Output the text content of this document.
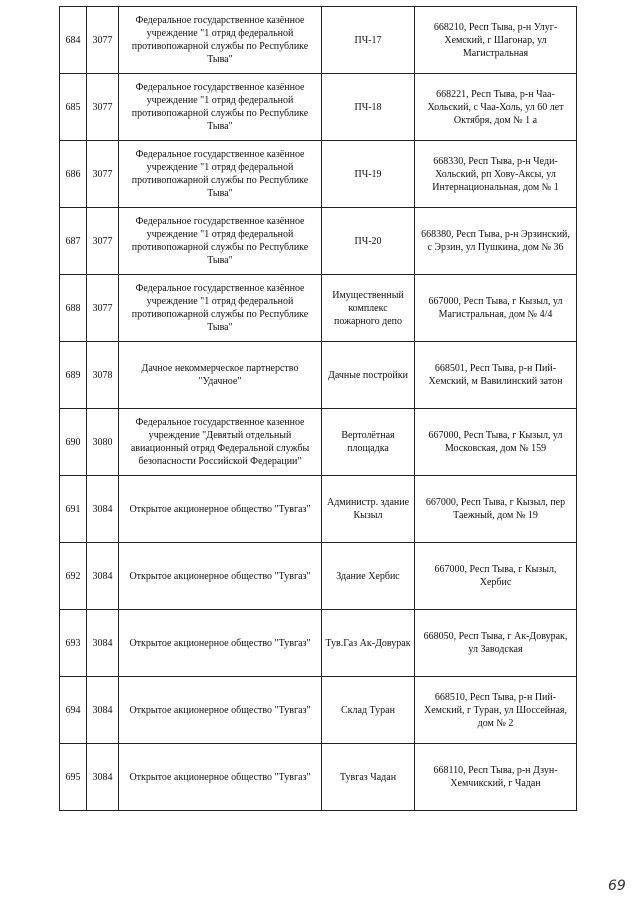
684	3077	Федеральное государственное казённое учреждение "1 отряд федеральной противопожарной службы по Республике Тыва"	ПЧ-17	668210, Респ Тыва, р-н Улуг-Хемский, г Шагонар, ул Магистральная
685	3077	Федеральное государственное казённое учреждение "1 отряд федеральной противопожарной службы по Республике Тыва"	ПЧ-18	668221, Респ Тыва, р-н Чаа-Хольский, с Чаа-Холь, ул 60 лет Октября, дом № 1 а
686	3077	Федеральное государственное казённое учреждение "1 отряд федеральной противопожарной службы по Республике Тыва"	ПЧ-19	668330, Респ Тыва, р-н Чеди-Хольский, рп Хову-Аксы, ул Интернациональная, дом № 1
687	3077	Федеральное государственное казённое учреждение "1 отряд федеральной противопожарной службы по Республике Тыва"	ПЧ-20	668380, Респ Тыва, р-н Эрзинский, с Эрзин, ул Пушкина, дом № 36
688	3077	Федеральное государственное казённое учреждение "1 отряд федеральной противопожарной службы по Республике Тыва"	Имущественный комплекс пожарного депо	667000, Респ Тыва, г Кызыл, ул Магистральная, дом № 4/4
689	3078	Дачное некоммерческое партнерство "Удачное"	Дачные постройки	668501, Респ Тыва, р-н Пий-Хемский, м Вавилинский затон
690	3080	Федеральное государственное казенное учреждение "Девятый отдельный авиационный отряд Федеральной службы безопасности Российской Федерации"	Вертолётная площадка	667000, Респ Тыва, г Кызыл, ул Московская, дом № 159
691	3084	Открытое акционерное общество "Тувгаз"	Администр. здание Кызыл	667000, Респ Тыва, г Кызыл, пер Таежный, дом № 19
692	3084	Открытое акционерное общество "Тувгаз"	Здание Хербис	667000, Респ Тыва, г Кызыл, Хербис
693	3084	Открытое акционерное общество "Тувгаз"	Тув.Газ Ак-Довурак	668050, Респ Тыва, г Ак-Довурак, ул Заводская
694	3084	Открытое акционерное общество "Тувгаз"	Склад Туран	668510, Респ Тыва, р-н Пий-Хемский, г Туран, ул Шоссейная, дом № 2
695	3084	Открытое акционерное общество "Тувгаз"	Тувгаз Чадан	668110, Респ Тыва, р-н Дзун-Хемчикский, г Чадан
69
